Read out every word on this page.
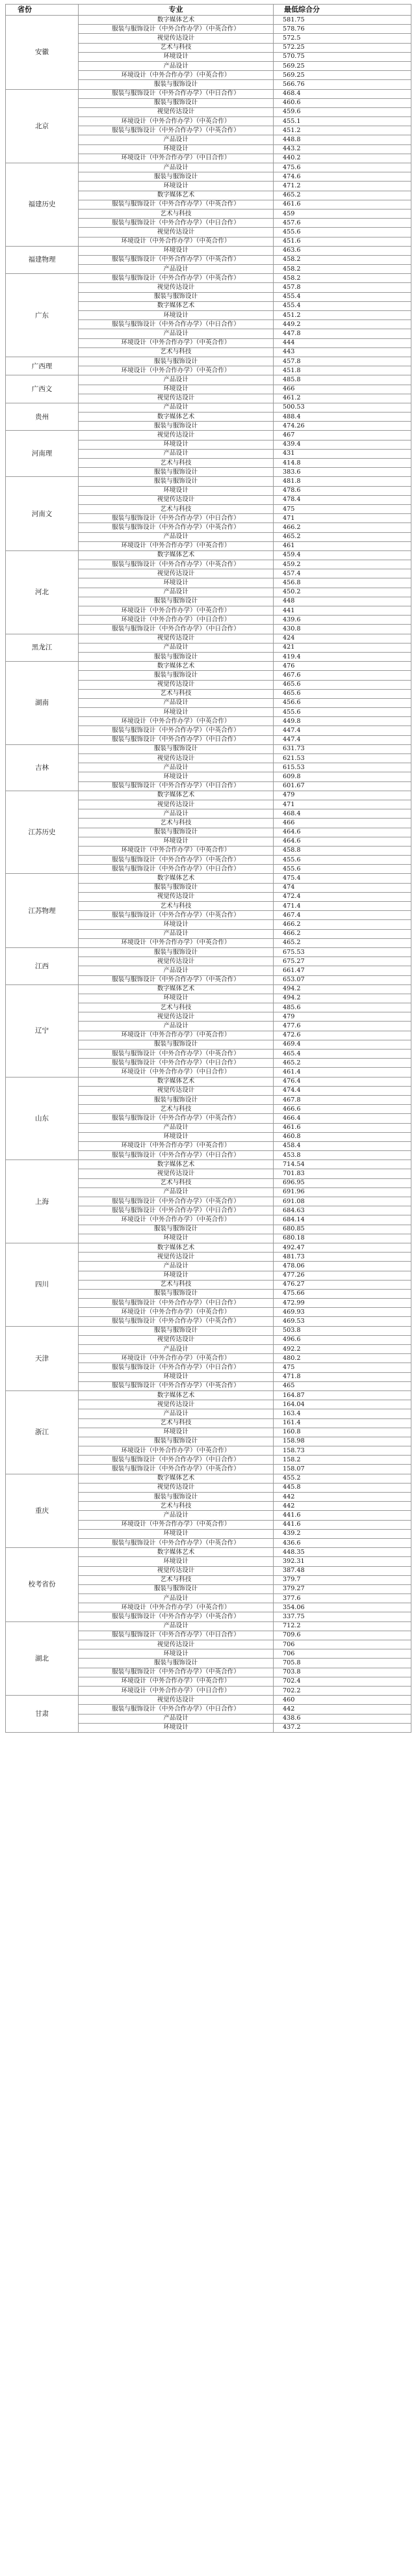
省份	专业	最低综合分
安徽	数字媒体艺术	581.75
	服装与服饰设计（中外合作办学）（中英合作）	578.76
	视觉传达设计	572.5
	艺术与科技	572.25
	环境设计	570.75
	产品设计	569.25
	环境设计（中外合作办学）（中英合作）	569.25
	服装与服饰设计	566.76
北京	服装与服饰设计（中外合作办学）（中日合作）	468.4
	服装与服饰设计	460.6
	视觉传达设计	459.6
	环境设计（中外合作办学）（中英合作）	455.1
	服装与服饰设计（中外合作办学）（中英合作）	451.2
	产品设计	448.8
	环境设计	443.2
	环境设计（中外合作办学）（中日合作）	440.2
福建历史	产品设计	475.6
	服装与服饰设计	474.6
	环境设计	471.2
	数字媒体艺术	465.2
	服装与服饰设计（中外合作办学）（中英合作）	461.6
	艺术与科技	459
	服装与服饰设计（中外合作办学）（中日合作）	457.6
	视觉传达设计	455.6
	环境设计（中外合作办学）（中英合作）	451.6
福建物理	环境设计	463.6
	服装与服饰设计（中外合作办学）（中英合作）	458.2
	产品设计	458.2
广东	服装与服饰设计（中外合作办学）（中英合作）	458.2
	视觉传达设计	457.8
	服装与服饰设计	455.4
	数字媒体艺术	455.4
	环境设计	451.2
	服装与服饰设计（中外合作办学）（中日合作）	449.2
	产品设计	447.8
	环境设计（中外合作办学）（中英合作）	444
	艺术与科技	443
广西理	服装与服饰设计	457.8
	环境设计（中外合作办学）（中英合作）	451.8
广西文	产品设计	485.8
	环境设计	466
	视觉传达设计	461.2
贵州	产品设计	500.53
	数字媒体艺术	488.4
	服装与服饰设计	474.26
河南理	视觉传达设计	467
	环境设计	439.4
	产品设计	431
	艺术与科技	414.8
	服装与服饰设计	383.6
河南文	服装与服饰设计	481.8
	环境设计	478.6
	视觉传达设计	478.4
	艺术与科技	475
	服装与服饰设计（中外合作办学）（中日合作）	471
	服装与服饰设计（中外合作办学）（中英合作）	466.2
	产品设计	465.2
	环境设计（中外合作办学）（中英合作）	461
河北	数字媒体艺术	459.4
	服装与服饰设计（中外合作办学）（中英合作）	459.2
	视觉传达设计	457.4
	环境设计	456.8
	产品设计	450.2
	服装与服饰设计	448
	环境设计（中外合作办学）（中英合作）	441
	环境设计（中外合作办学）（中日合作）	439.6
	服装与服饰设计（中外合作办学）（中日合作）	430.8
黑龙江	视觉传达设计	424
	产品设计	421
	服装与服饰设计	419.4
湖南	数字媒体艺术	476
	服装与服饰设计	467.6
	视觉传达设计	465.6
	艺术与科技	465.6
	产品设计	456.6
	环境设计	455.6
	环境设计（中外合作办学）（中英合作）	449.8
	服装与服饰设计（中外合作办学）（中英合作）	447.4
	服装与服饰设计（中外合作办学）（中日合作）	447.4
吉林	服装与服饰设计	631.73
	视觉传达设计	621.53
	产品设计	615.53
	环境设计	609.8
	服装与服饰设计（中外合作办学）（中日合作）	601.67
江苏历史	数字媒体艺术	479
	视觉传达设计	471
	产品设计	468.4
	艺术与科技	466
	服装与服饰设计	464.6
	环境设计	464.6
	环境设计（中外合作办学）（中英合作）	458.8
	服装与服饰设计（中外合作办学）（中英合作）	455.6
	服装与服饰设计（中外合作办学）（中日合作）	455.6
江苏物理	数字媒体艺术	475.4
	服装与服饰设计	474
	视觉传达设计	472.4
	艺术与科技	471.4
	服装与服饰设计（中外合作办学）（中英合作）	467.4
	环境设计	466.2
	产品设计	466.2
	环境设计（中外合作办学）（中英合作）	465.2
江西	服装与服饰设计	675.53
	视觉传达设计	675.27
	产品设计	661.47
	服装与服饰设计（中外合作办学）（中英合作）	653.07
辽宁	数字媒体艺术	494.2
	环境设计	494.2
	艺术与科技	485.6
	视觉传达设计	479
	产品设计	477.6
	环境设计（中外合作办学）（中英合作）	472.6
	服装与服饰设计	469.4
	服装与服饰设计（中外合作办学）（中英合作）	465.4
	服装与服饰设计（中外合作办学）（中日合作）	465.2
	环境设计（中外合作办学）（中日合作）	461.4
山东	数字媒体艺术	476.4
	视觉传达设计	474.4
	服装与服饰设计	467.8
	艺术与科技	466.6
	服装与服饰设计（中外合作办学）（中英合作）	466.4
	产品设计	461.6
	环境设计	460.8
	环境设计（中外合作办学）（中英合作）	458.4
	服装与服饰设计（中外合作办学）（中日合作）	453.8
上海	数字媒体艺术	714.54
	视觉传达设计	701.83
	艺术与科技	696.95
	产品设计	691.96
	服装与服饰设计（中外合作办学）（中英合作）	691.08
	服装与服饰设计（中外合作办学）（中日合作）	684.63
	环境设计（中外合作办学）（中英合作）	684.14
	服装与服饰设计	680.85
	环境设计	680.18
四川	数字媒体艺术	492.47
	视觉传达设计	481.73
	产品设计	478.06
	环境设计	477.26
	艺术与科技	476.27
	服装与服饰设计	475.66
	服装与服饰设计（中外合作办学）（中日合作）	472.99
	环境设计（中外合作办学）（中英合作）	469.93
	服装与服饰设计（中外合作办学）（中英合作）	469.53
天津	服装与服饰设计	503.8
	视觉传达设计	496.6
	产品设计	492.2
	环境设计（中外合作办学）（中英合作）	480.2
	服装与服饰设计（中外合作办学）（中日合作）	475
	环境设计	471.8
	服装与服饰设计（中外合作办学）（中英合作）	465
浙江	数字媒体艺术	164.87
	视觉传达设计	164.04
	产品设计	163.4
	艺术与科技	161.4
	环境设计	160.8
	服装与服饰设计	158.98
	环境设计（中外合作办学）（中英合作）	158.73
	服装与服饰设计（中外合作办学）（中日合作）	158.2
	服装与服饰设计（中外合作办学）（中英合作）	158.07
重庆	数字媒体艺术	455.2
	视觉传达设计	445.8
	服装与服饰设计	442
	艺术与科技	442
	产品设计	441.6
	环境设计（中外合作办学）（中英合作）	441.6
	环境设计	439.2
	服装与服饰设计（中外合作办学）（中英合作）	436.6
校考省份	数字媒体艺术	448.35
	环境设计	392.31
	视觉传达设计	387.48
	艺术与科技	379.7
	服装与服饰设计	379.27
	产品设计	377.6
	环境设计（中外合作办学）（中英合作）	354.06
	服装与服饰设计（中外合作办学）（中英合作）	337.75
湖北	产品设计	712.2
	服装与服饰设计（中外合作办学）（中日合作）	709.6
	视觉传达设计	706
	环境设计	706
	服装与服饰设计	705.8
	服装与服饰设计（中外合作办学）（中英合作）	703.8
	环境设计（中外合作办学）（中英合作）	702.4
	环境设计（中外合作办学）（中日合作）	702.2
甘肃	视觉传达设计	460
	服装与服饰设计（中外合作办学）（中日合作）	442
	产品设计	438.6
	环境设计	437.2
